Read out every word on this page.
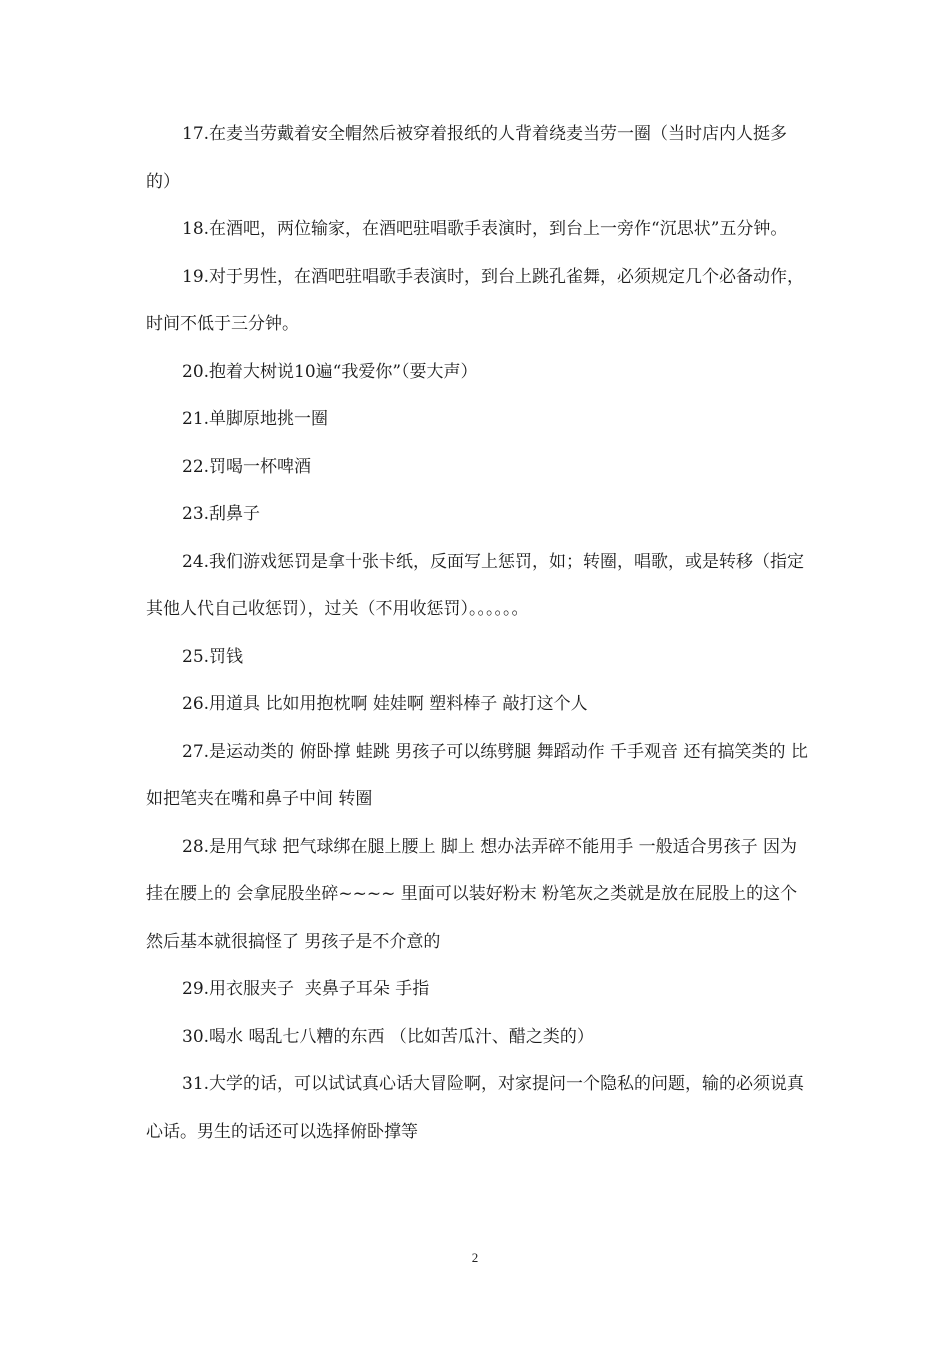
17.在麦当劳戴着安全帽然后被穿着报纸的人背着绕麦当劳一圈（当时店内人挺多的）

18.在酒吧，两位输家，在酒吧驻唱歌手表演时，到台上一旁作“沉思状”五分钟。

19.对于男性，在酒吧驻唱歌手表演时，到台上跳孔雀舞，必须规定几个必备动作，时间不低于三分钟。

20.抱着大树说10遍“我爱你”（要大声）

21.单脚原地挑一圈

22.罚喝一杯啤酒

23.刮鼻子

24.我们游戏惩罚是拿十张卡纸，反面写上惩罚，如；转圈，唱歌，或是转移（指定其他人代自己收惩罚），过关（不用收惩罚）。。。。。。

25.罚钱

26.用道具 比如用抱枕啊 娃娃啊 塑料棒子 敲打这个人

27.是运动类的 俯卧撑 蛙跳 男孩子可以练劈腿 舞蹈动作 千手观音 还有搞笑类的 比如把笔夹在嘴和鼻子中间 转圈

28.是用气球 把气球绑在腿上腰上 脚上 想办法弄碎不能用手 一般适合男孩子 因为挂在腰上的 会拿屁股坐碎~~~~ 里面可以装好粉末 粉笔灰之类就是放在屁股上的这个 然后基本就很搞怪了 男孩子是不介意的

29.用衣服夹子  夹鼻子耳朵 手指

30.喝水 喝乱七八糟的东西 （比如苦瓜汁、醋之类的）

31.大学的话，可以试试真心话大冒险啊，对家提问一个隐私的问题，输的必须说真心话。男生的话还可以选择俯卧撑等

2
